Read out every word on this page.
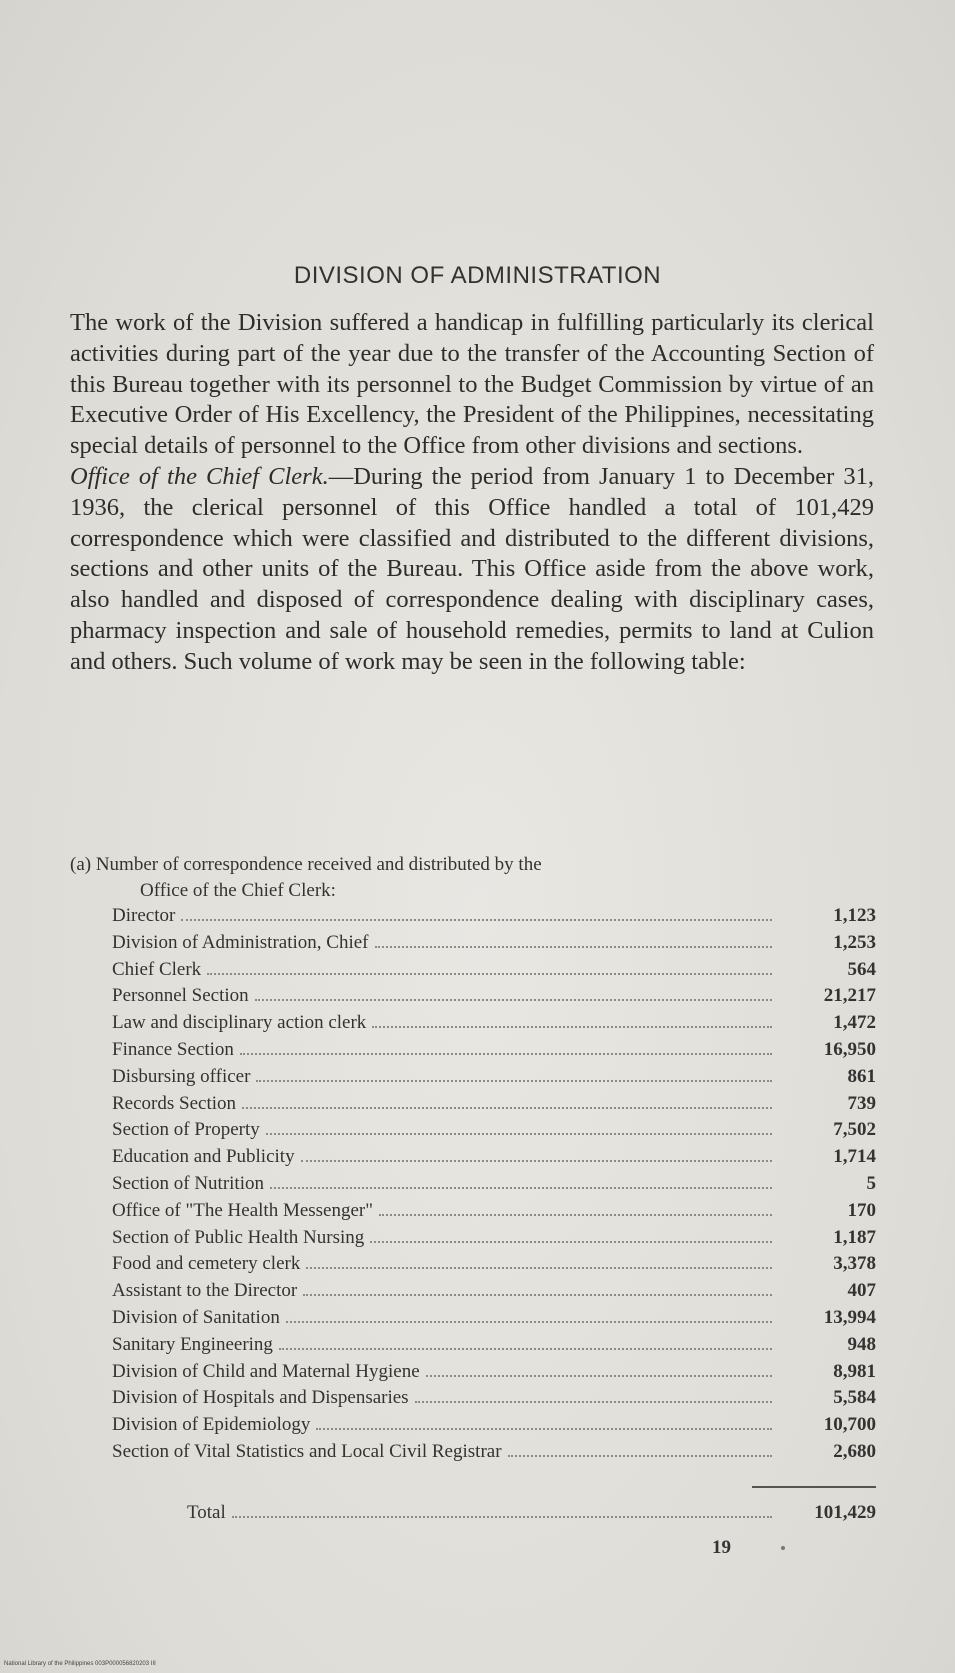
DIVISION OF ADMINISTRATION

The work of the Division suffered a handicap in fulfilling particularly its clerical activities during part of the year due to the transfer of the Accounting Section of this Bureau together with its personnel to the Budget Commission by virtue of an Executive Order of His Excellency, the President of the Philippines, necessitating special details of personnel to the Office from other divisions and sections.

Office of the Chief Clerk.—During the period from January 1 to December 31, 1936, the clerical personnel of this Office handled a total of 101,429 correspondence which were classified and distributed to the different divisions, sections and other units of the Bureau. This Office aside from the above work, also handled and disposed of correspondence dealing with disciplinary cases, pharmacy inspection and sale of household remedies, permits to land at Culion and others. Such volume of work may be seen in the following table:

(a) Number of correspondence received and distributed by the
Office of the Chief Clerk:
Director	1,123
Division of Administration, Chief	1,253
Chief Clerk	564
Personnel Section	21,217
Law and disciplinary action clerk	1,472
Finance Section	16,950
Disbursing officer	861
Records Section	739
Section of Property	7,502
Education and Publicity	1,714
Section of Nutrition	5
Office of "The Health Messenger"	170
Section of Public Health Nursing	1,187
Food and cemetery clerk	3,378
Assistant to the Director	407
Division of Sanitation	13,994
Sanitary Engineering	948
Division of Child and Maternal Hygiene	8,981
Division of Hospitals and Dispensaries	5,584
Division of Epidemiology	10,700
Section of Vital Statistics and Local Civil Registrar	2,680
Total	101,429
19
National Library of the Philippines 003P000056820203 III
